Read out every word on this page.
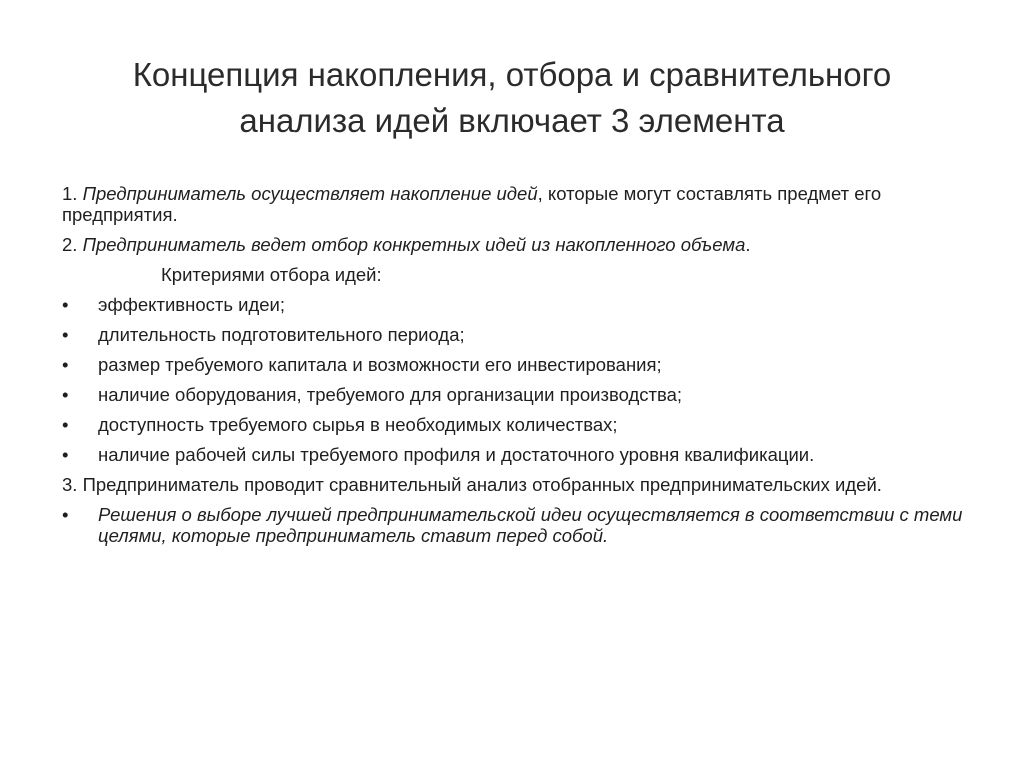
Концепция накопления, отбора и сравнительного
анализа идей включает 3 элемента

1. Предприниматель осуществляет накопление идей, которые могут составлять предмет его предприятия.

2. Предприниматель ведет отбор конкретных идей из накопленного объема.

Критериями отбора идей:

•	эффективность идеи;
•	длительность подготовительного периода;
•	размер требуемого капитала и возможности его инвестирования;
•	наличие оборудования, требуемого для организации производства;
•	доступность требуемого сырья в необходимых количествах;
•	наличие рабочей силы требуемого профиля и достаточного уровня квалификации.

3. Предприниматель проводит сравнительный анализ отобранных предпринимательских идей.

•	Решения о выборе лучшей предпринимательской идеи осуществляется в соответствии с теми целями, которые предприниматель ставит перед собой.
